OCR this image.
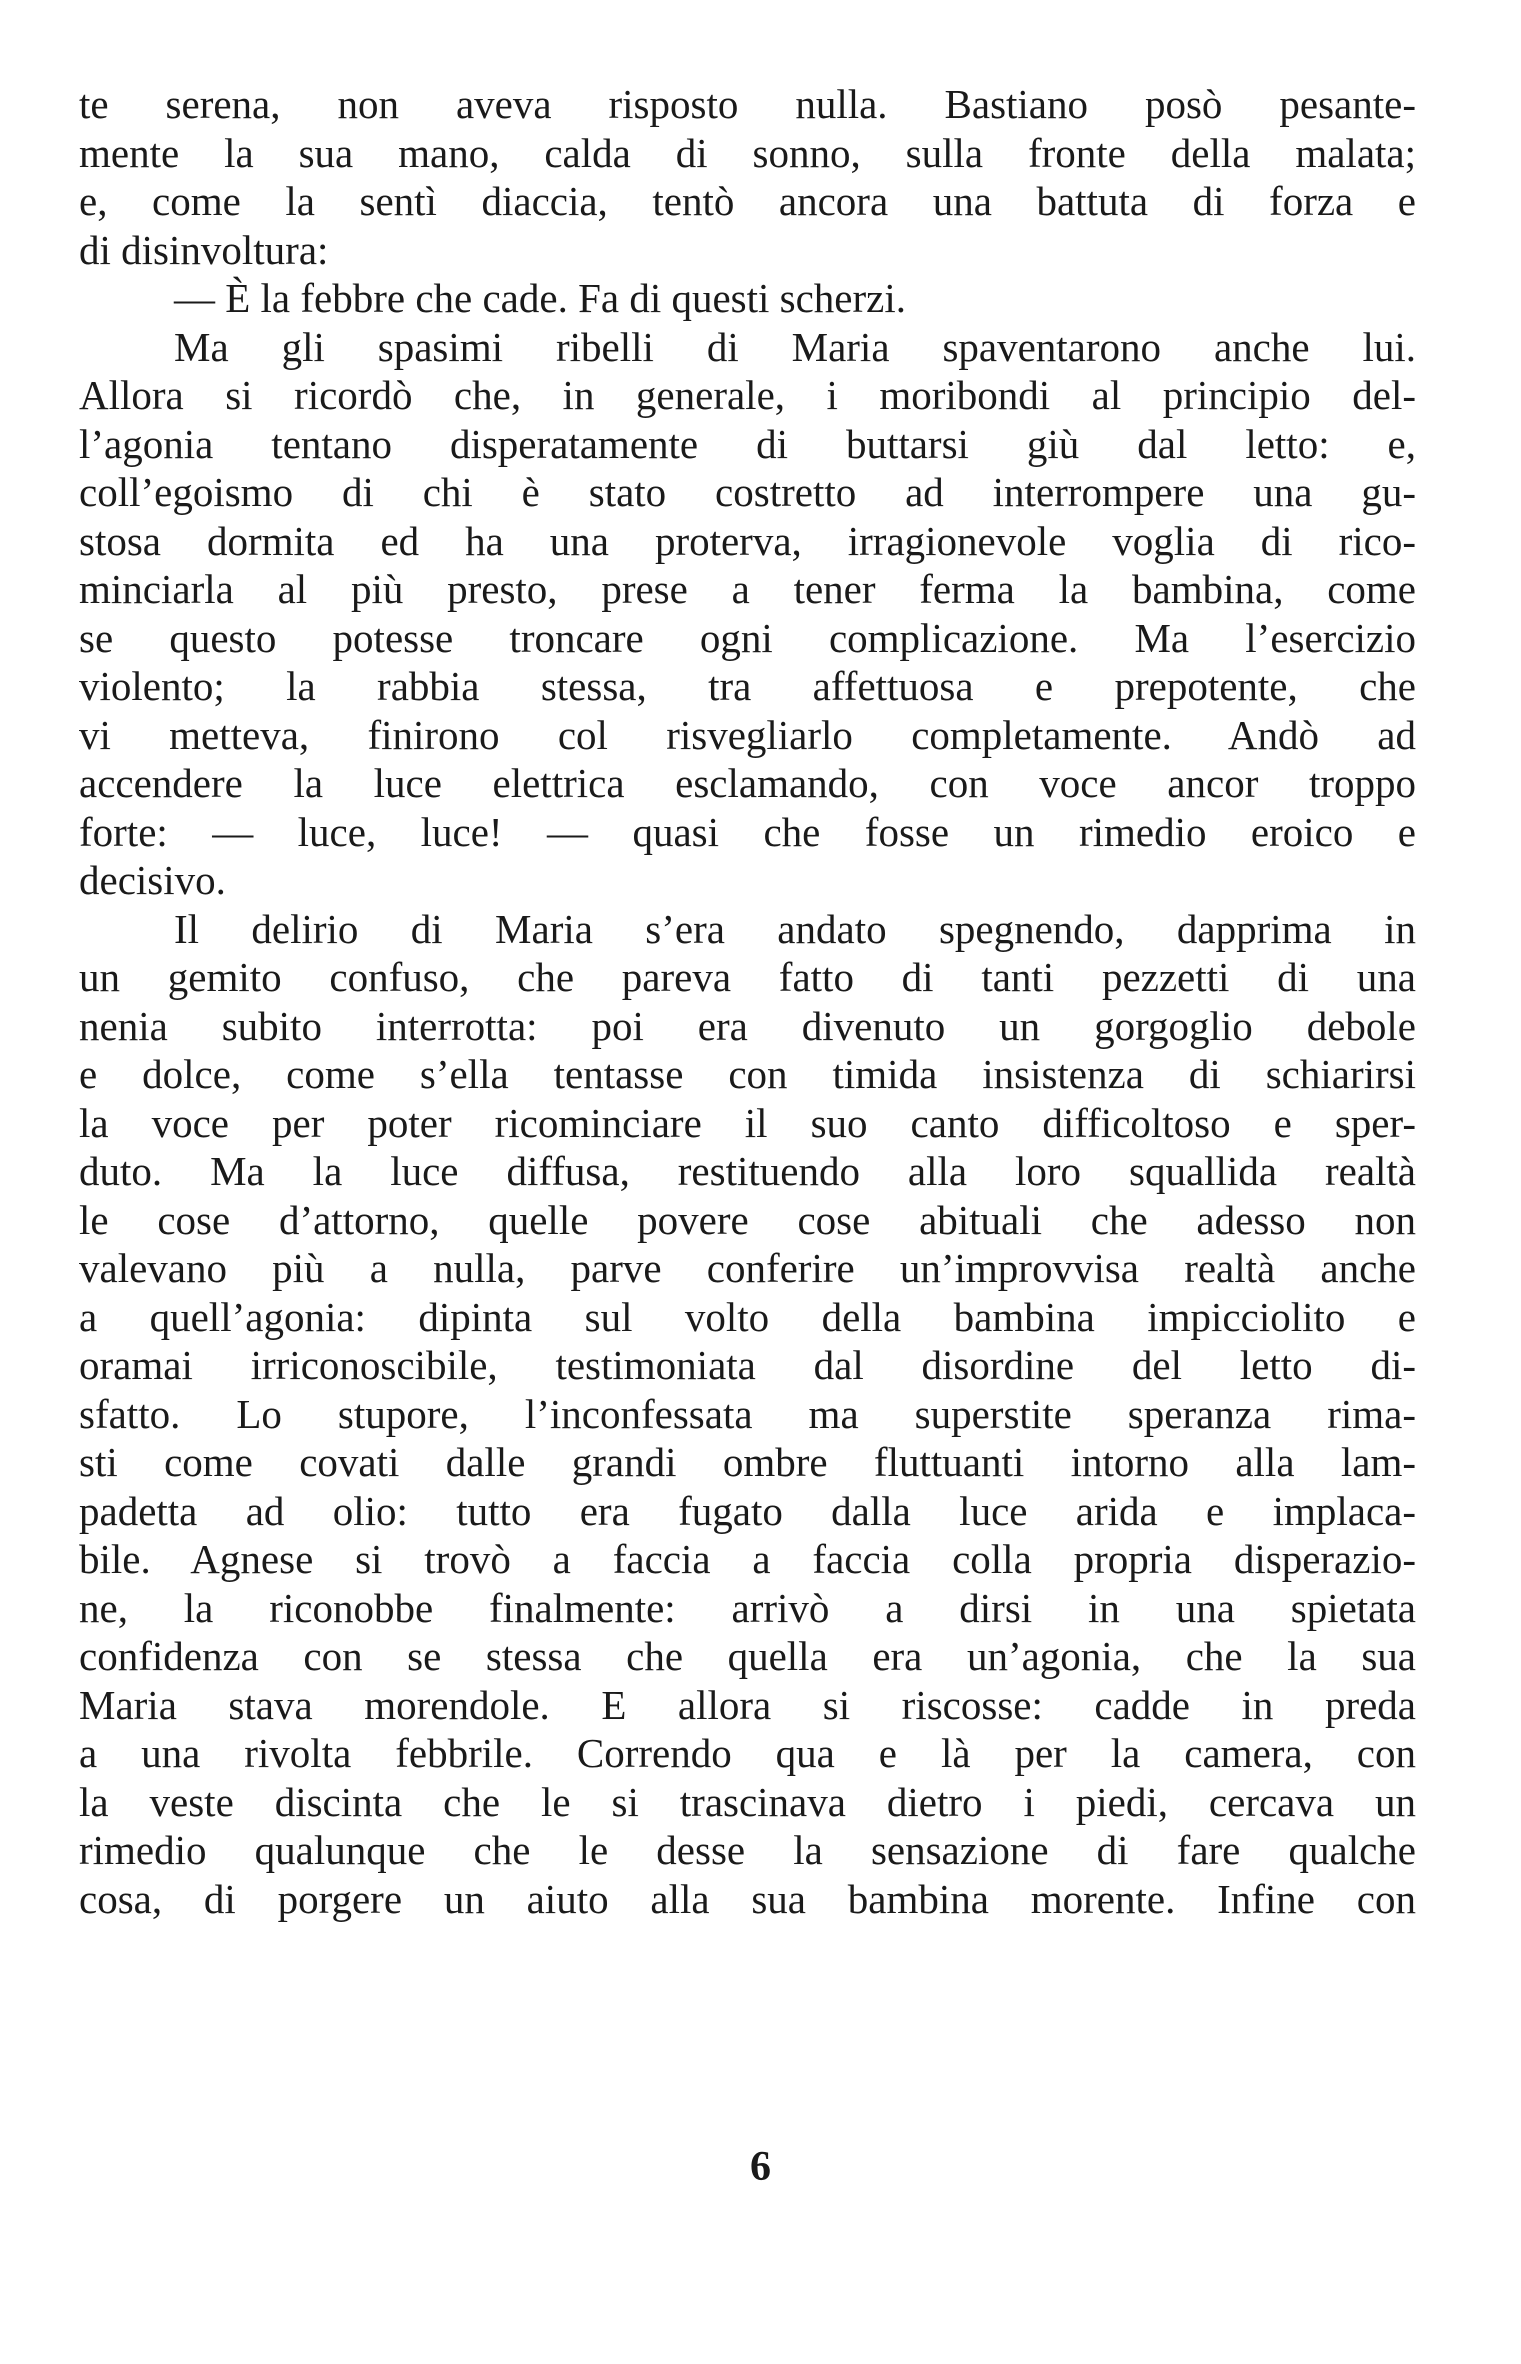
te serena, non aveva risposto nulla. Bastiano posò pesante-
mente la sua mano, calda di sonno, sulla fronte della malata;
e, come la sentì diaccia, tentò ancora una battuta di forza e
di disinvoltura:
— È la febbre che cade. Fa di questi scherzi.
Ma gli spasimi ribelli di Maria spaventarono anche lui.
Allora si ricordò che, in generale, i moribondi al principio del-
l’agonia tentano disperatamente di buttarsi giù dal letto: e,
coll’egoismo di chi è stato costretto ad interrompere una gu-
stosa dormita ed ha una proterva, irragionevole voglia di rico-
minciarla al più presto, prese a tener ferma la bambina, come
se questo potesse troncare ogni complicazione. Ma l’esercizio
violento; la rabbia stessa, tra affettuosa e prepotente, che
vi metteva, finirono col risvegliarlo completamente. Andò ad
accendere la luce elettrica esclamando, con voce ancor troppo
forte: — luce, luce! — quasi che fosse un rimedio eroico e
decisivo.
Il delirio di Maria s’era andato spegnendo, dapprima in
un gemito confuso, che pareva fatto di tanti pezzetti di una
nenia subito interrotta: poi era divenuto un gorgoglio debole
e dolce, come s’ella tentasse con timida insistenza di schiarirsi
la voce per poter ricominciare il suo canto difficoltoso e sper-
duto. Ma la luce diffusa, restituendo alla loro squallida realtà
le cose d’attorno, quelle povere cose abituali che adesso non
valevano più a nulla, parve conferire un’improvvisa realtà anche
a quell’agonia: dipinta sul volto della bambina impicciolito e
oramai irriconoscibile, testimoniata dal disordine del letto di-
sfatto. Lo stupore, l’inconfessata ma superstite speranza rima-
sti come covati dalle grandi ombre fluttuanti intorno alla lam-
padetta ad olio: tutto era fugato dalla luce arida e implaca-
bile. Agnese si trovò a faccia a faccia colla propria disperazio-
ne, la riconobbe finalmente: arrivò a dirsi in una spietata
confidenza con se stessa che quella era un’agonia, che la sua
Maria stava morendole. E allora si riscosse: cadde in preda
a una rivolta febbrile. Correndo qua e là per la camera, con
la veste discinta che le si trascinava dietro i piedi, cercava un
rimedio qualunque che le desse la sensazione di fare qualche
cosa, di porgere un aiuto alla sua bambina morente. Infine con
6
